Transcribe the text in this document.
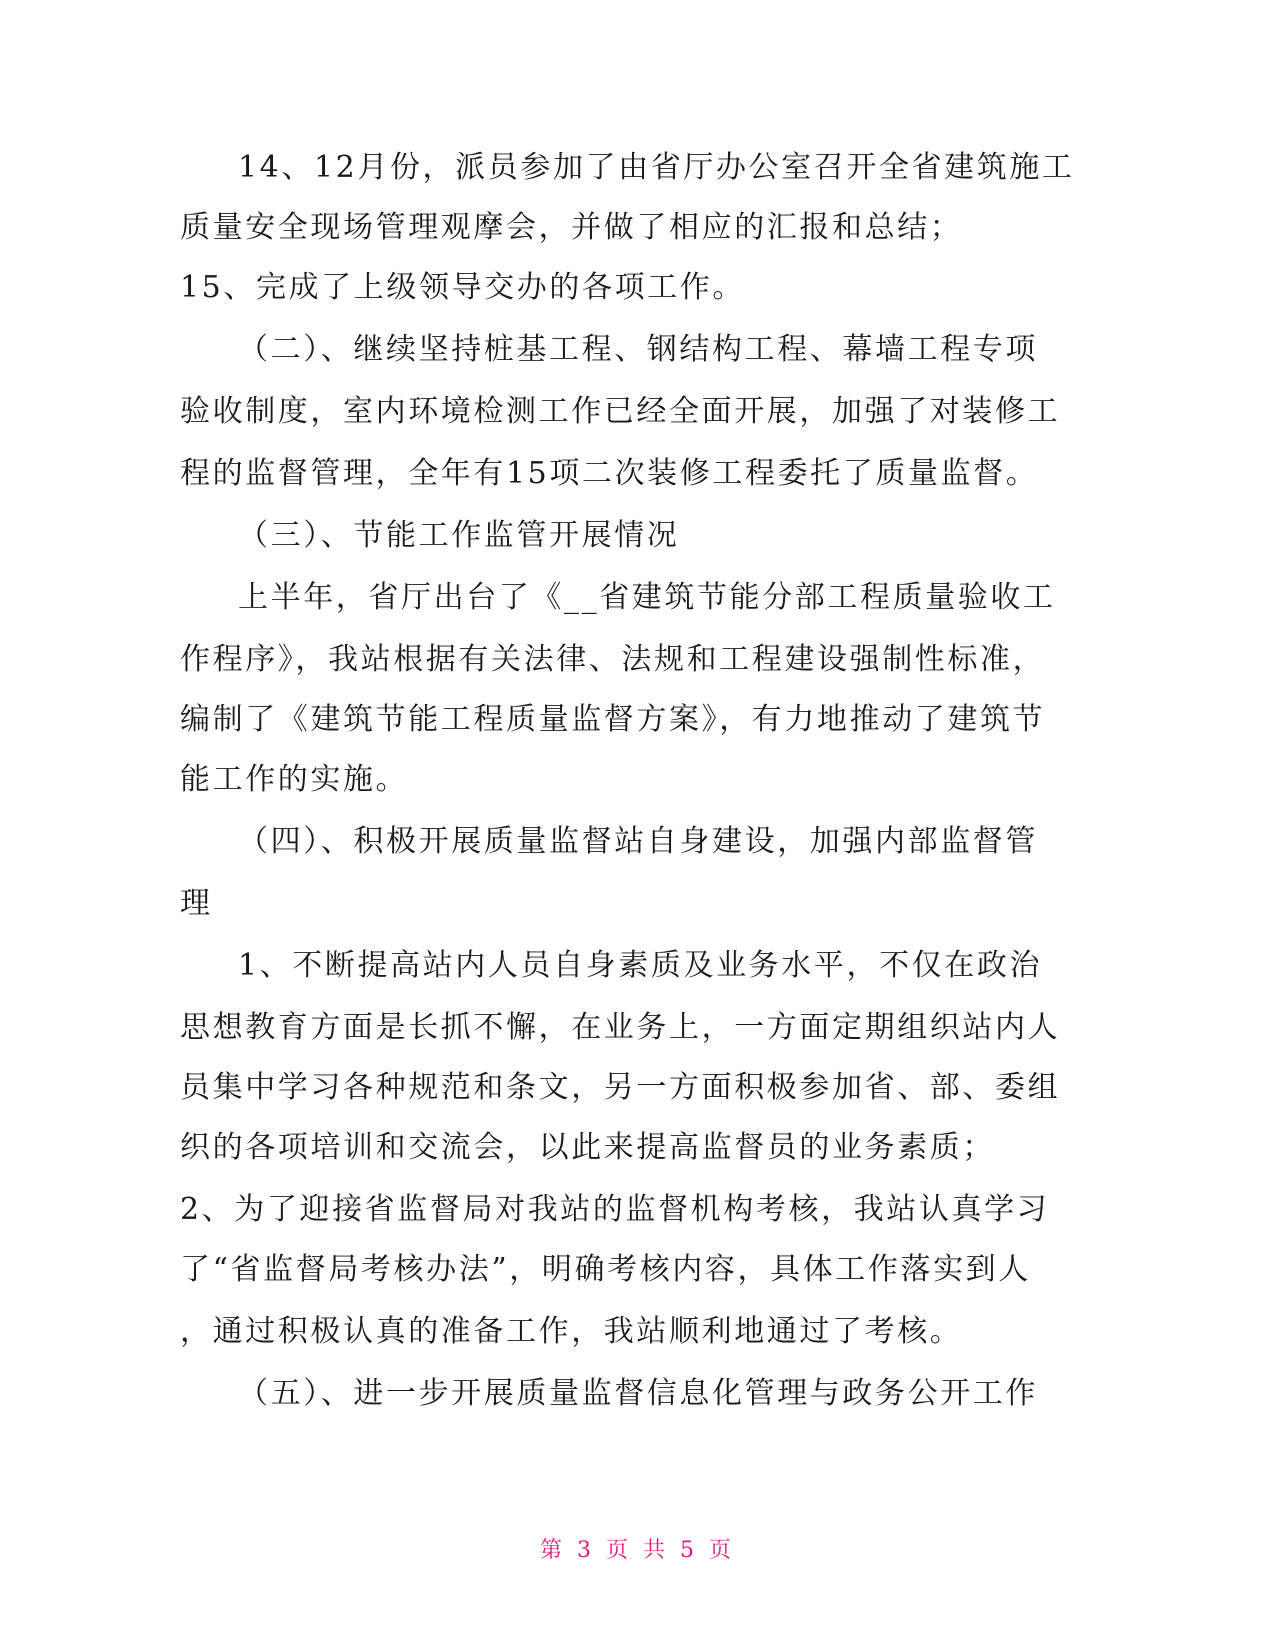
14、12月份，派员参加了由省厅办公室召开全省建筑施工
质量安全现场管理观摩会，并做了相应的汇报和总结；
15、完成了上级领导交办的各项工作。
（二）、继续坚持桩基工程、钢结构工程、幕墙工程专项
验收制度，室内环境检测工作已经全面开展，加强了对装修工
程的监督管理，全年有15项二次装修工程委托了质量监督。
（三）、节能工作监管开展情况
上半年，省厅出台了《__省建筑节能分部工程质量验收工
作程序》，我站根据有关法律、法规和工程建设强制性标准，
编制了《建筑节能工程质量监督方案》，有力地推动了建筑节
能工作的实施。
（四）、积极开展质量监督站自身建设，加强内部监督管
理
1、不断提高站内人员自身素质及业务水平，不仅在政治
思想教育方面是长抓不懈，在业务上，一方面定期组织站内人
员集中学习各种规范和条文，另一方面积极参加省、部、委组
织的各项培训和交流会，以此来提高监督员的业务素质；
2、为了迎接省监督局对我站的监督机构考核，我站认真学习
了“省监督局考核办法”，明确考核内容，具体工作落实到人
，通过积极认真的准备工作，我站顺利地通过了考核。
（五）、进一步开展质量监督信息化管理与政务公开工作
第 3 页 共 5 页
